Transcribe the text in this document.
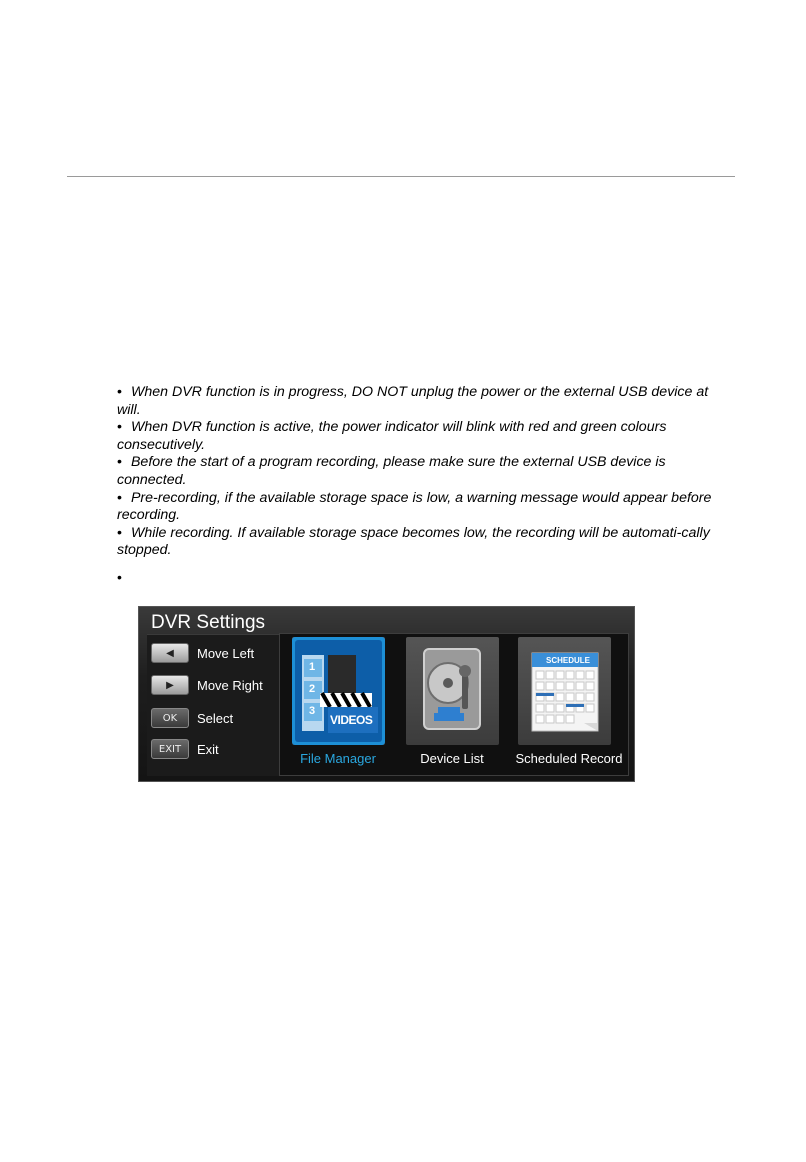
• When DVR function is in progress, DO NOT unplug the power or the external USB device at will.

• When DVR function is active, the power indicator will blink with red and green colours consecutively.

• Before the start of a program recording, please make sure the external USB device is connected.

• Pre-recording, if the available storage space is low, a warning message would appear before recording.

• While recording. If available storage space becomes low, the recording will be automati-cally stopped.

•
DVR Settings
◀	Move Left
▶	Move Right
OK	Select
EXIT	Exit
1
2
3
VIDEOS
File Manager	Device List
SCHEDULE
Scheduled Record
